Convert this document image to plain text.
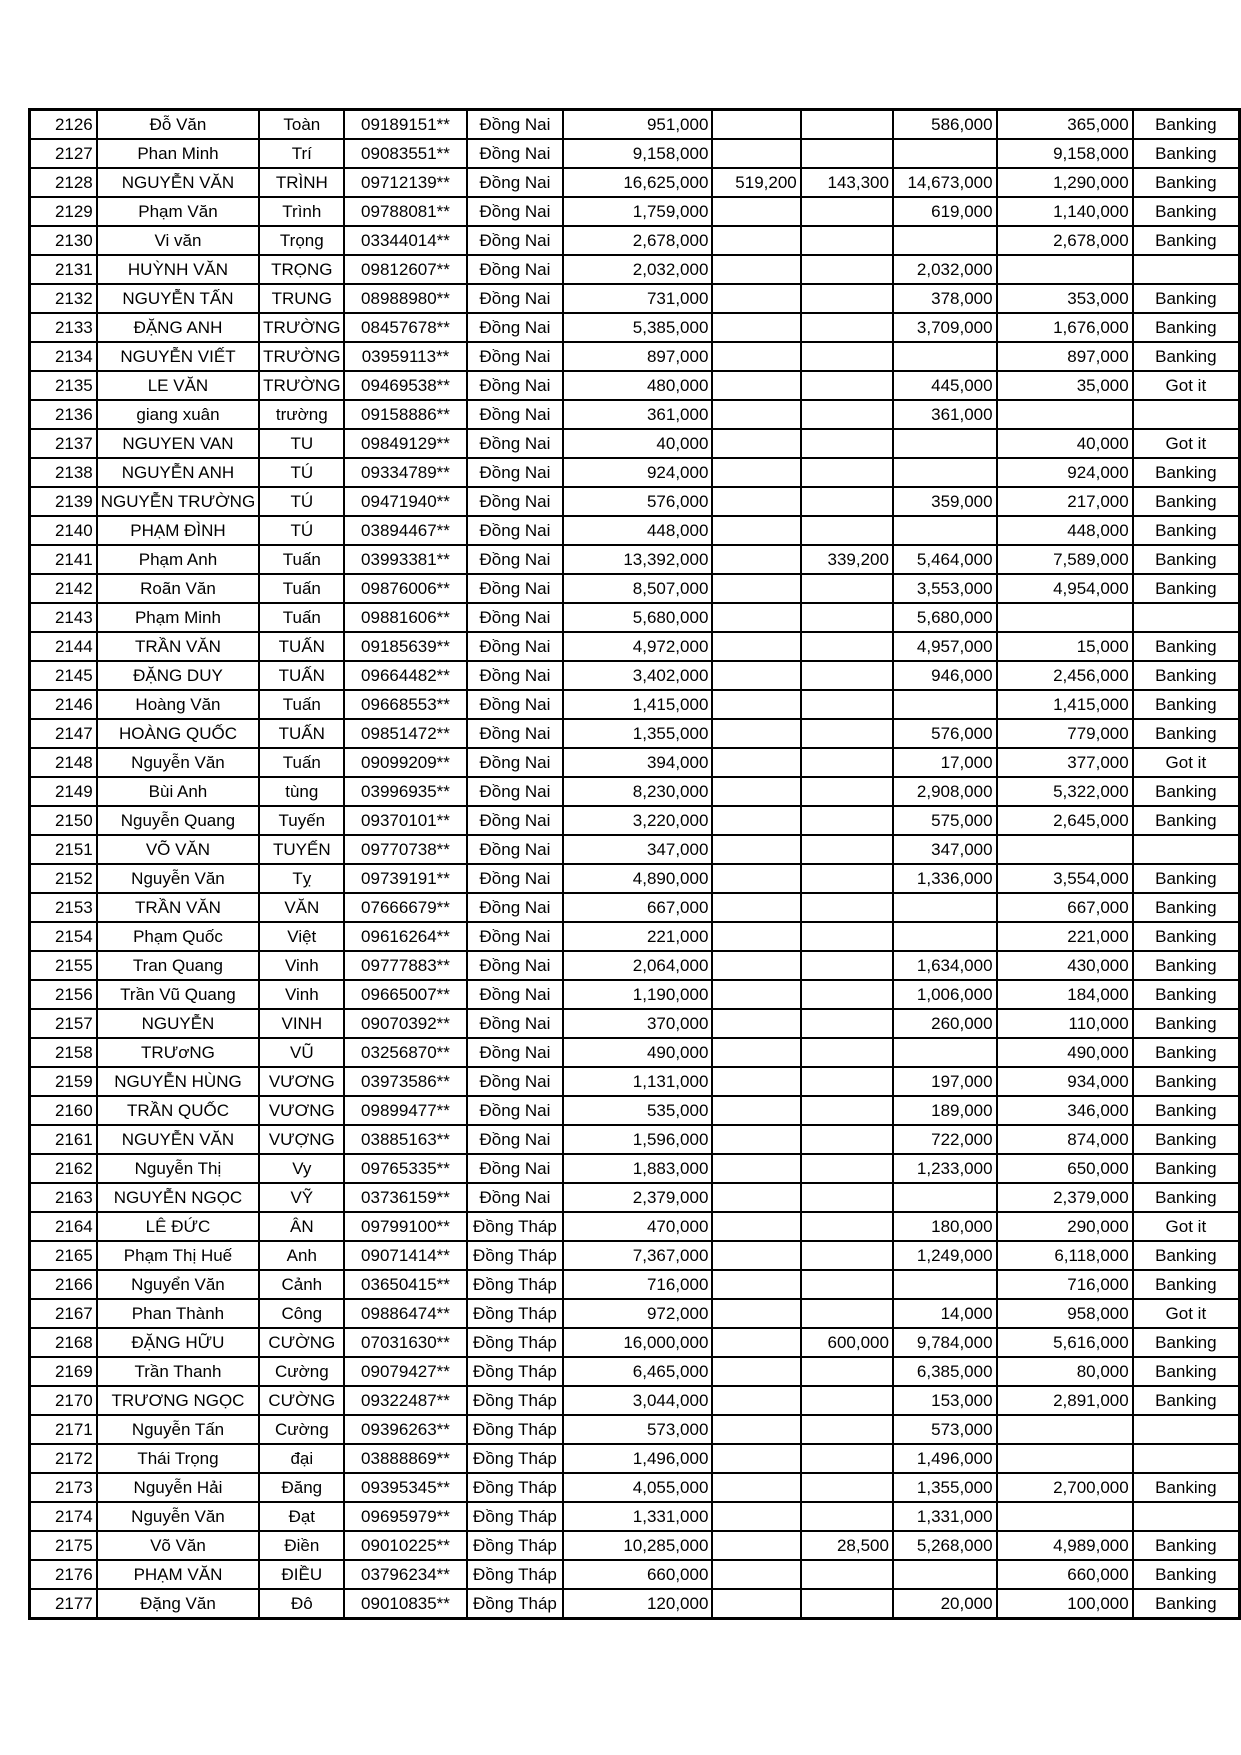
2126	Đỗ Văn	Toàn	09189151**	Đồng Nai	951,000			586,000	365,000	Banking
2127	Phan Minh	Trí	09083551**	Đồng Nai	9,158,000				9,158,000	Banking
2128	NGUYỄN VĂN	TRÌNH	09712139**	Đồng Nai	16,625,000	519,200	143,300	14,673,000	1,290,000	Banking
2129	Phạm Văn	Trình	09788081**	Đồng Nai	1,759,000			619,000	1,140,000	Banking
2130	Vi văn	Trọng	03344014**	Đồng Nai	2,678,000				2,678,000	Banking
2131	HUỲNH VĂN	TRỌNG	09812607**	Đồng Nai	2,032,000			2,032,000		
2132	NGUYỄN TẤN	TRUNG	08988980**	Đồng Nai	731,000			378,000	353,000	Banking
2133	ĐẶNG ANH	TRƯỜNG	08457678**	Đồng Nai	5,385,000			3,709,000	1,676,000	Banking
2134	NGUYỄN VIẾT	TRƯỜNG	03959113**	Đồng Nai	897,000				897,000	Banking
2135	LE VĂN	TRƯỜNG	09469538**	Đồng Nai	480,000			445,000	35,000	Got it
2136	giang xuân	trường	09158886**	Đồng Nai	361,000			361,000		
2137	NGUYEN VAN	TU	09849129**	Đồng Nai	40,000				40,000	Got it
2138	NGUYỄN ANH	TÚ	09334789**	Đồng Nai	924,000				924,000	Banking
2139	NGUYỄN TRƯỜNG	TÚ	09471940**	Đồng Nai	576,000			359,000	217,000	Banking
2140	PHẠM ĐÌNH	TÚ	03894467**	Đồng Nai	448,000				448,000	Banking
2141	Phạm Anh	Tuấn	03993381**	Đồng Nai	13,392,000		339,200	5,464,000	7,589,000	Banking
2142	Roãn Văn	Tuấn	09876006**	Đồng Nai	8,507,000			3,553,000	4,954,000	Banking
2143	Phạm Minh	Tuấn	09881606**	Đồng Nai	5,680,000			5,680,000		
2144	TRẦN VĂN	TUẤN	09185639**	Đồng Nai	4,972,000			4,957,000	15,000	Banking
2145	ĐẶNG DUY	TUẤN	09664482**	Đồng Nai	3,402,000			946,000	2,456,000	Banking
2146	Hoàng Văn	Tuấn	09668553**	Đồng Nai	1,415,000				1,415,000	Banking
2147	HOÀNG QUỐC	TUẤN	09851472**	Đồng Nai	1,355,000			576,000	779,000	Banking
2148	Nguyễn Văn	Tuấn	09099209**	Đồng Nai	394,000			17,000	377,000	Got it
2149	Bùi Anh	tùng	03996935**	Đồng Nai	8,230,000			2,908,000	5,322,000	Banking
2150	Nguyễn Quang	Tuyến	09370101**	Đồng Nai	3,220,000			575,000	2,645,000	Banking
2151	VÕ VĂN	TUYẾN	09770738**	Đồng Nai	347,000			347,000		
2152	Nguyễn Văn	Tỵ	09739191**	Đồng Nai	4,890,000			1,336,000	3,554,000	Banking
2153	TRẦN VĂN	VĂN	07666679**	Đồng Nai	667,000				667,000	Banking
2154	Phạm Quốc	Việt	09616264**	Đồng Nai	221,000				221,000	Banking
2155	Tran Quang	Vinh	09777883**	Đồng Nai	2,064,000			1,634,000	430,000	Banking
2156	Trần Vũ Quang	Vinh	09665007**	Đồng Nai	1,190,000			1,006,000	184,000	Banking
2157	NGUYỄN	VINH	09070392**	Đồng Nai	370,000			260,000	110,000	Banking
2158	TRƯơNG	VŨ	03256870**	Đồng Nai	490,000				490,000	Banking
2159	NGUYỄN HÙNG	VƯƠNG	03973586**	Đồng Nai	1,131,000			197,000	934,000	Banking
2160	TRẦN QUỐC	VƯƠNG	09899477**	Đồng Nai	535,000			189,000	346,000	Banking
2161	NGUYỄN VĂN	VƯỢNG	03885163**	Đồng Nai	1,596,000			722,000	874,000	Banking
2162	Nguyễn Thị	Vy	09765335**	Đồng Nai	1,883,000			1,233,000	650,000	Banking
2163	NGUYỄN NGỌC	VỸ	03736159**	Đồng Nai	2,379,000				2,379,000	Banking
2164	LÊ ĐỨC	ÂN	09799100**	Đồng Tháp	470,000			180,000	290,000	Got it
2165	Phạm Thị Huế	Anh	09071414**	Đồng Tháp	7,367,000			1,249,000	6,118,000	Banking
2166	Nguyển Văn	Cảnh	03650415**	Đồng Tháp	716,000				716,000	Banking
2167	Phan Thành	Công	09886474**	Đồng Tháp	972,000			14,000	958,000	Got it
2168	ĐẶNG HỮU	CƯỜNG	07031630**	Đồng Tháp	16,000,000		600,000	9,784,000	5,616,000	Banking
2169	Trần Thanh	Cường	09079427**	Đồng Tháp	6,465,000			6,385,000	80,000	Banking
2170	TRƯƠNG NGỌC	CƯỜNG	09322487**	Đồng Tháp	3,044,000			153,000	2,891,000	Banking
2171	Nguyễn Tấn	Cường	09396263**	Đồng Tháp	573,000			573,000		
2172	Thái Trọng	đại	03888869**	Đồng Tháp	1,496,000			1,496,000		
2173	Nguyễn Hải	Đăng	09395345**	Đồng Tháp	4,055,000			1,355,000	2,700,000	Banking
2174	Nguyễn Văn	Đạt	09695979**	Đồng Tháp	1,331,000			1,331,000		
2175	Võ Văn	Điền	09010225**	Đồng Tháp	10,285,000		28,500	5,268,000	4,989,000	Banking
2176	PHẠM VĂN	ĐIỀU	03796234**	Đồng Tháp	660,000				660,000	Banking
2177	Đặng Văn	Đô	09010835**	Đồng Tháp	120,000			20,000	100,000	Banking
